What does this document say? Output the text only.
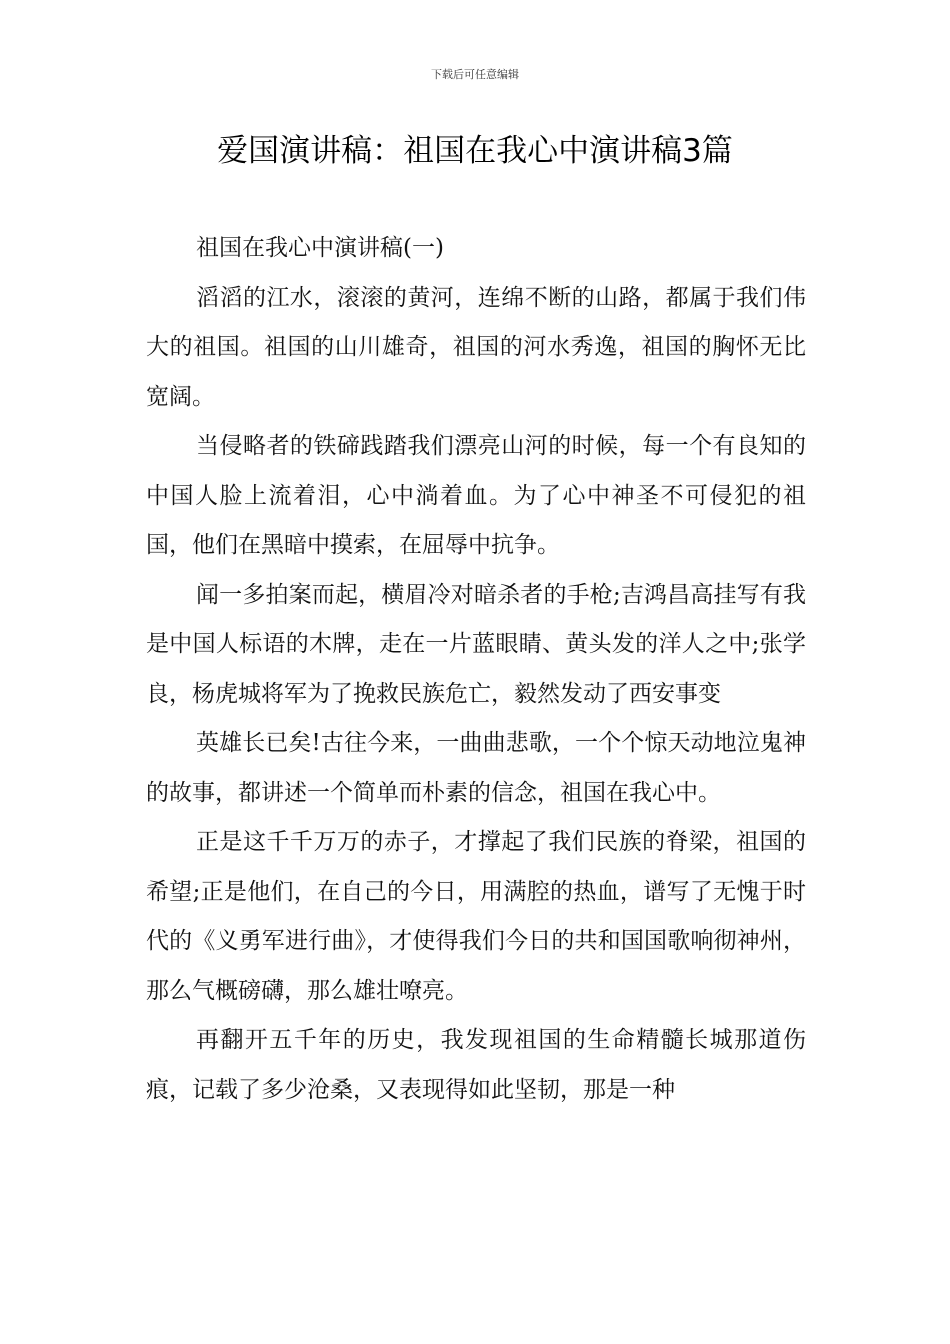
下载后可任意编辑
爱国演讲稿：祖国在我心中演讲稿3篇

祖国在我心中演讲稿(一)

滔滔的江水，滚滚的黄河，连绵不断的山路，都属于我们伟大的祖国。祖国的山川雄奇，祖国的河水秀逸，祖国的胸怀无比宽阔。

当侵略者的铁碲践踏我们漂亮山河的时候，每一个有良知的中国人脸上流着泪，心中淌着血。为了心中神圣不可侵犯的祖国，他们在黑暗中摸索，在屈辱中抗争。

闻一多拍案而起，横眉冷对暗杀者的手枪;吉鸿昌高挂写有我是中国人标语的木牌，走在一片蓝眼睛、黄头发的洋人之中;张学良，杨虎城将军为了挽救民族危亡，毅然发动了西安事变

英雄长已矣!古往今来，一曲曲悲歌，一个个惊天动地泣鬼神的故事，都讲述一个简单而朴素的信念，祖国在我心中。

正是这千千万万的赤子，才撑起了我们民族的脊梁，祖国的希望;正是他们，在自己的今日，用满腔的热血，谱写了无愧于时代的《义勇军进行曲》，才使得我们今日的共和国国歌响彻神州，那么气概磅礴，那么雄壮嘹亮。

再翻开五千年的历史，我发现祖国的生命精髓长城那道伤痕，记载了多少沧桑，又表现得如此坚韧，那是一种
